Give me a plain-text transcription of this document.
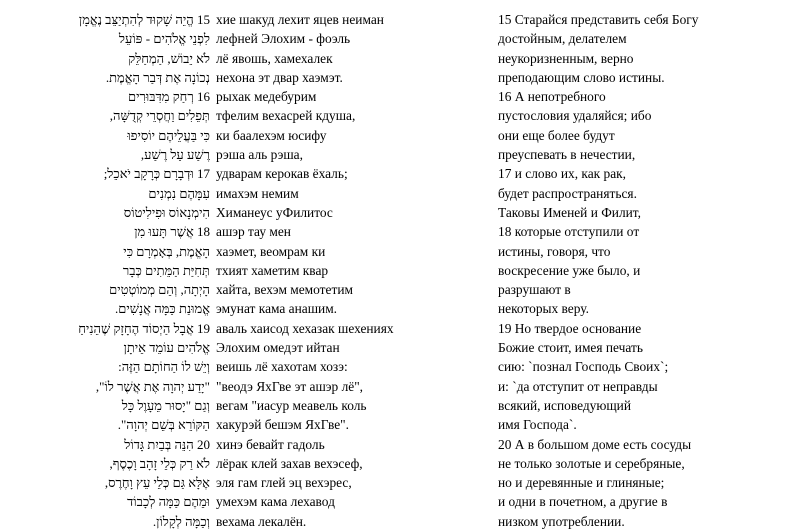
15 הֱיֵה שָׁקוּד לְהִתְיַצֵּב נֶאֱמָן
לִפְנֵי אֱלֹהִים - פּוֹעֵל
לֹא יֵבוֹשׁ, הַמְחַלֵּק
נְכוֹנָה אֶת דְּבַר הָאֱמֶת.
16 רְחַק מִדִּבּוּרִים
תְּפֵלִים וַחֲסְרֵי קְדֻשָּׁה,
כִּי בַּעֲלֵיהֶם יוֹסִיפוּ
רֶשַׁע עַל רֶשַׁע,
17 וּדְבָרָם כְּרָקָב יֹאכֵל;
עִמָּהֶם נִמְנִים
הִימְנָאוֹס וּפִילִיטוֹס
18 אֲשֶׁר תָּעוּ מִן
הָאֱמֶת, בְּאָמְרָם כִּי
תְּחִיַּת הַמֵּתִים כְּבָר
הָיְתָה, וְהֵם מְמוֹטְטִים
אֱמוּנַת כַּמָּה אֲנָשִׁים.
19 אֲבָל הַיְסוֹד הֶחָזָק שֶׁהֵנִיחַ
אֱלֹהִים עוֹמֵד אֵיתָן
וְיֵשׁ לוֹ הַחוֹתָם הַזֶּה:
"יָדַע יְהוָה אֶת אֲשֶׁר לוֹ",
וְגַם "יָסוּר מֵעָוֶל כָּל
הַקּוֹרֵא בְּשֵׁם יְהוָה".
20 הִנֵּה בְּבַיִת גָּדוֹל
לֹא רַק כְּלֵי זָהָב וָכֶסֶף,
אֶלָּא גַּם כְּלֵי עֵץ וָחֶרֶס,
וּמֵהֶם כַּמָּה לְכָבוֹד
וְכַמָּה לְקָלוֹן.
хие шакуд лехит яцев неиман
лефней Элохим - фоэль
лё явошь, хамехалек
нехона эт двар хаэмэт.
рыхак медебурим
тфелим вехасрей кдуша,
ки баалехэм юсифу
рэша аль рэша,
удварам керокав ёхаль;
имахэм немим
Химанеус уФилитос
ашэр тау мен
хаэмет, веомрам ки
тхият хаметим квар
хайта, вехэм мемотетим
эмунат кама анашим.
аваль хаисод хехазак шехениях
Элохим омедэт ийтан
веишь лё хахотам хозэ:
"веодэ ЯхГве эт ашэр лё",
вегам "иасур меавель коль
хакурэй бешэм ЯхГве".
хинэ бевайт гадоль
лёрак клей захав вехэсеф,
эля гам глей эц вехэрес,
умехэм кама лехавод
вехама лекалён.
15 Старайся представить себя Богу
достойным, делателем
неукоризненным, верно
преподающим слово истины.
16 А непотребного
пустословия удаляйся; ибо
они еще более будут
преуспевать в нечестии,
17 и слово их, как рак,
будет распространяться.
Таковы Именей и Филит,
18 которые отступили от
истины, говоря, что
воскресение уже было, и
разрушают в
некоторых веру.
19 Но твердое основание
Божие стоит, имея печать
сию: `познал Господь Своих`;
и: `да отступит от неправды
всякий, исповедующий
имя Господа`.
20 А в большом доме есть сосуды
не только золотые и серебряные,
но и деревянные и глиняные;
и одни в почетном, а другие в
низком употреблении.
